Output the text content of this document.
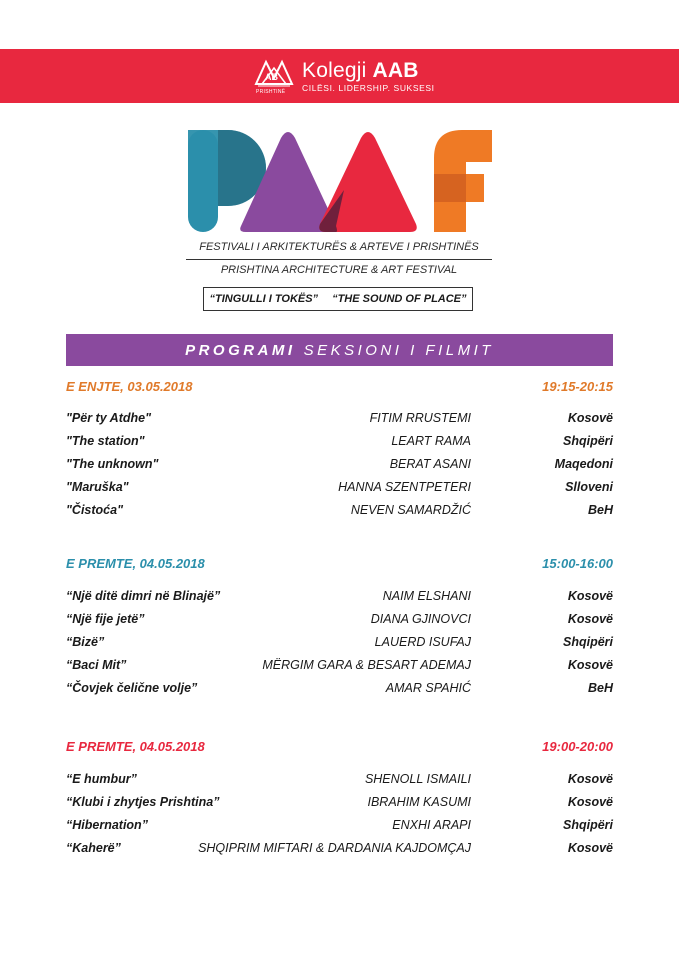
AB
PRISHTINË
Kolegji AAB
CILËSI. LIDERSHIP. SUKSESI
FESTIVALI I ARKITEKTURËS & ARTEVE I PRISHTINËS
PRISHTINA ARCHITECTURE & ART FESTIVAL
“TINGULLI I TOKËS” “THE SOUND OF PLACE”
PROGRAMI SEKSIONI I FILMIT
E ENJTE, 03.05.2018	19:15-20:15
"Për ty Atdhe"	FITIM RRUSTEMI	Kosovë
"The station"	LEART RAMA	Shqipëri
"The unknown"	BERAT ASANI	Maqedoni
"Maruška"	HANNA SZENTPETERI	Slloveni
"Čistoća"	NEVEN SAMARDŽIĆ	BeH
E PREMTE, 04.05.2018	15:00-16:00
“Një ditë dimri në Blinajë”	NAIM ELSHANI	Kosovë
“Një fije jetë”	DIANA GJINOVCI	Kosovë
“Bizë”	LAUERD ISUFAJ	Shqipëri
“Baci Mit”	MËRGIM GARA & BESART ADEMAJ	Kosovë
“Čovjek čelične volje”	AMAR SPAHIĆ	BeH
E PREMTE, 04.05.2018	19:00-20:00
“E humbur”	SHENOLL ISMAILI	Kosovë
“Klubi i zhytjes Prishtina”	IBRAHIM KASUMI	Kosovë
“Hibernation”	ENXHI ARAPI	Shqipëri
“Kaherë”	SHQIPRIM MIFTARI & DARDANIA KAJDOMÇAJ	Kosovë
